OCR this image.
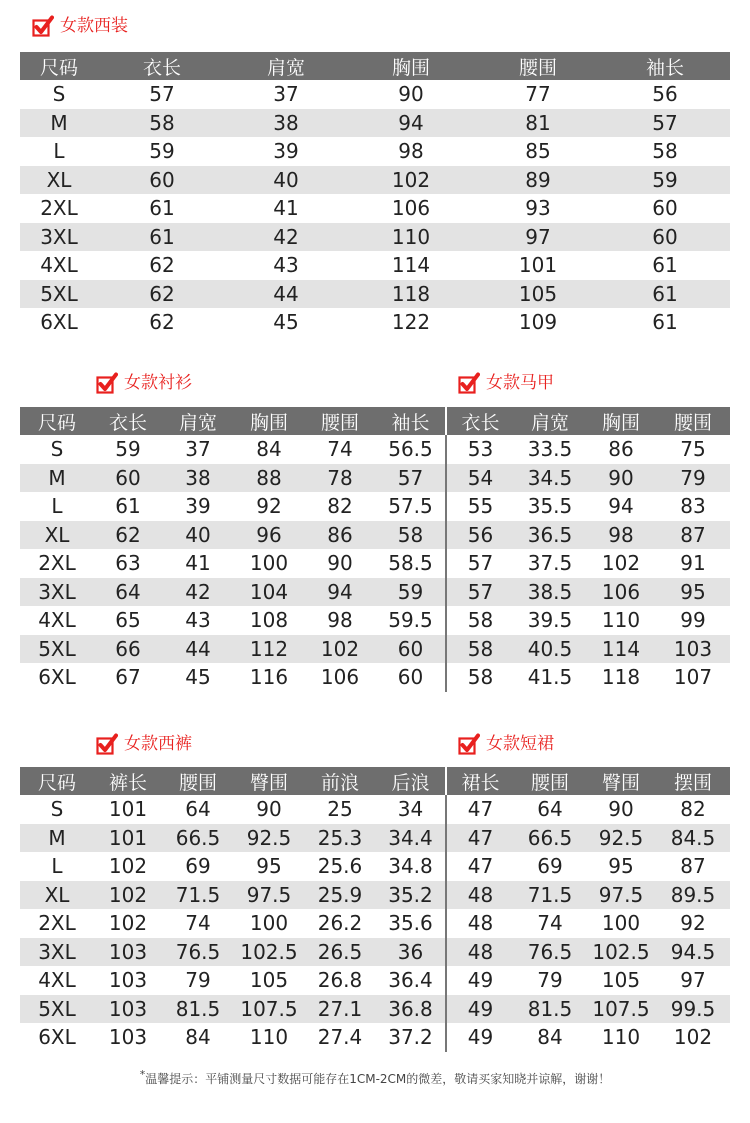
女款西装
尺码	衣长	肩宽	胸围	腰围	袖长
S	57	37	90	77	56
M	58	38	94	81	57
L	59	39	98	85	58
XL	60	40	102	89	59
2XL	61	41	106	93	60
3XL	61	42	110	97	60
4XL	62	43	114	101	61
5XL	62	44	118	105	61
6XL	62	45	122	109	61
女款衬衫	女款马甲
尺码	衣长	肩宽	胸围	腰围	袖长	衣长	肩宽	胸围	腰围
S	59	37	84	74	56.5	53	33.5	86	75
M	60	38	88	78	57	54	34.5	90	79
L	61	39	92	82	57.5	55	35.5	94	83
XL	62	40	96	86	58	56	36.5	98	87
2XL	63	41	100	90	58.5	57	37.5	102	91
3XL	64	42	104	94	59	57	38.5	106	95
4XL	65	43	108	98	59.5	58	39.5	110	99
5XL	66	44	112	102	60	58	40.5	114	103
6XL	67	45	116	106	60	58	41.5	118	107
女款西裤	女款短裙
尺码	裤长	腰围	臀围	前浪	后浪	裙长	腰围	臀围	摆围
S	101	64	90	25	34	47	64	90	82
M	101	66.5	92.5	25.3	34.4	47	66.5	92.5	84.5
L	102	69	95	25.6	34.8	47	69	95	87
XL	102	71.5	97.5	25.9	35.2	48	71.5	97.5	89.5
2XL	102	74	100	26.2	35.6	48	74	100	92
3XL	103	76.5	102.5	26.5	36	48	76.5	102.5	94.5
4XL	103	79	105	26.8	36.4	49	79	105	97
5XL	103	81.5	107.5	27.1	36.8	49	81.5	107.5	99.5
6XL	103	84	110	27.4	37.2	49	84	110	102
*温馨提示：平铺测量尺寸数据可能存在1CM-2CM的微差，敬请买家知晓并谅解，谢谢！
